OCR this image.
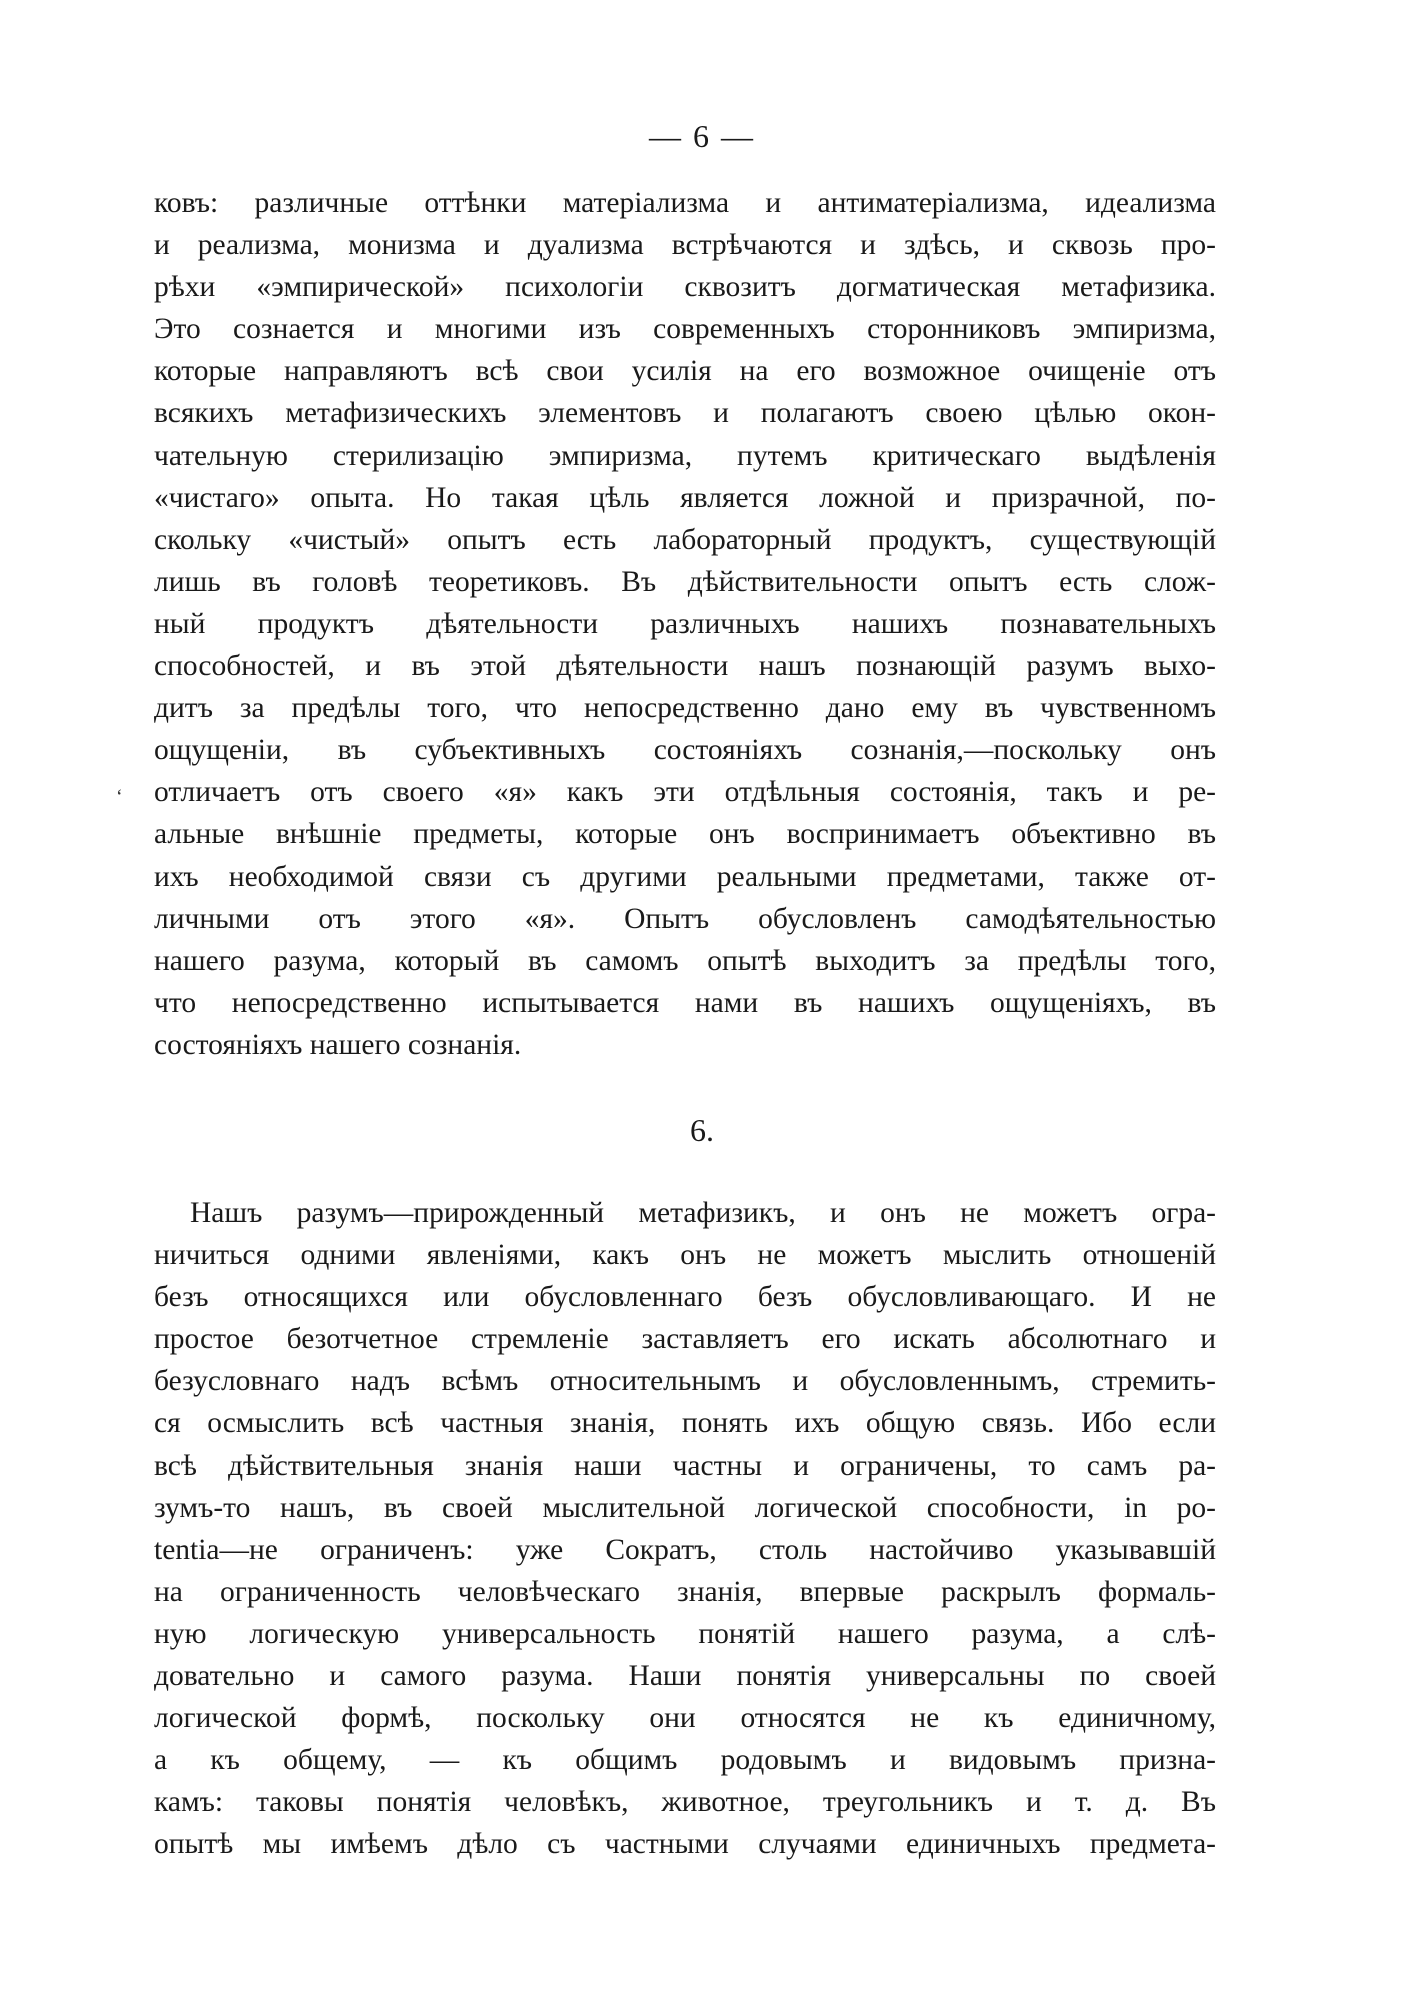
— 6 —
‘
ковъ: различные оттѣнки матеріализма и антиматеріализма, идеализма
и реализма, монизма и дуализма встрѣчаются и здѣсь, и сквозь про-
рѣхи «эмпирической» психологіи сквозитъ догматическая метафизика.
Это сознается и многими изъ современныхъ сторонниковъ эмпиризма,
которые направляютъ всѣ свои усилія на его возможное очищеніе отъ
всякихъ метафизическихъ элементовъ и полагаютъ своею цѣлью окон-
чательную стерилизацію эмпиризма, путемъ критическаго выдѣленія
«чистаго» опыта. Но такая цѣль является ложной и призрачной, по-
скольку «чистый» опытъ есть лабораторный продуктъ, существующій
лишь въ головѣ теоретиковъ. Въ дѣйствительности опытъ есть слож-
ный продуктъ дѣятельности различныхъ нашихъ познавательныхъ
способностей, и въ этой дѣятельности нашъ познающій разумъ выхо-
дитъ за предѣлы того, что непосредственно дано ему въ чувственномъ
ощущеніи, въ субъективныхъ состояніяхъ сознанія,—поскольку онъ
отличаетъ отъ своего «я» какъ эти отдѣльныя состоянія, такъ и ре-
альные внѣшніе предметы, которые онъ воспринимаетъ объективно въ
ихъ необходимой связи съ другими реальными предметами, также от-
личными отъ этого «я». Опытъ обусловленъ самодѣятельностью
нашего разума, который въ самомъ опытѣ выходитъ за предѣлы того,
что непосредственно испытывается нами въ нашихъ ощущеніяхъ, въ
состояніяхъ нашего сознанія.
6.
Нашъ разумъ—прирожденный метафизикъ, и онъ не можетъ огра-
ничиться одними явленіями, какъ онъ не можетъ мыслить отношеній
безъ относящихся или обусловленнаго безъ обусловливающаго. И не
простое безотчетное стремленіе заставляетъ его искать абсолютнаго и
безусловнаго надъ всѣмъ относительнымъ и обусловленнымъ, стремить-
ся осмыслить всѣ частныя знанія, понять ихъ общую связь. Ибо если
всѣ дѣйствительныя знанія наши частны и ограничены, то самъ ра-
зумъ-то нашъ, въ своей мыслительной логической способности, in po-
tentia—не ограниченъ: уже Сократъ, столь настойчиво указывавшій
на ограниченность человѣческаго знанія, впервые раскрылъ формаль-
ную логическую универсальность понятій нашего разума, а слѣ-
довательно и самого разума. Наши понятія универсальны по своей
логической формѣ, поскольку они относятся не къ единичному,
а къ общему, — къ общимъ родовымъ и видовымъ призна-
камъ: таковы понятія человѣкъ, животное, треугольникъ и т. д. Въ
опытѣ мы имѣемъ дѣло съ частными случаями единичныхъ предмета-
